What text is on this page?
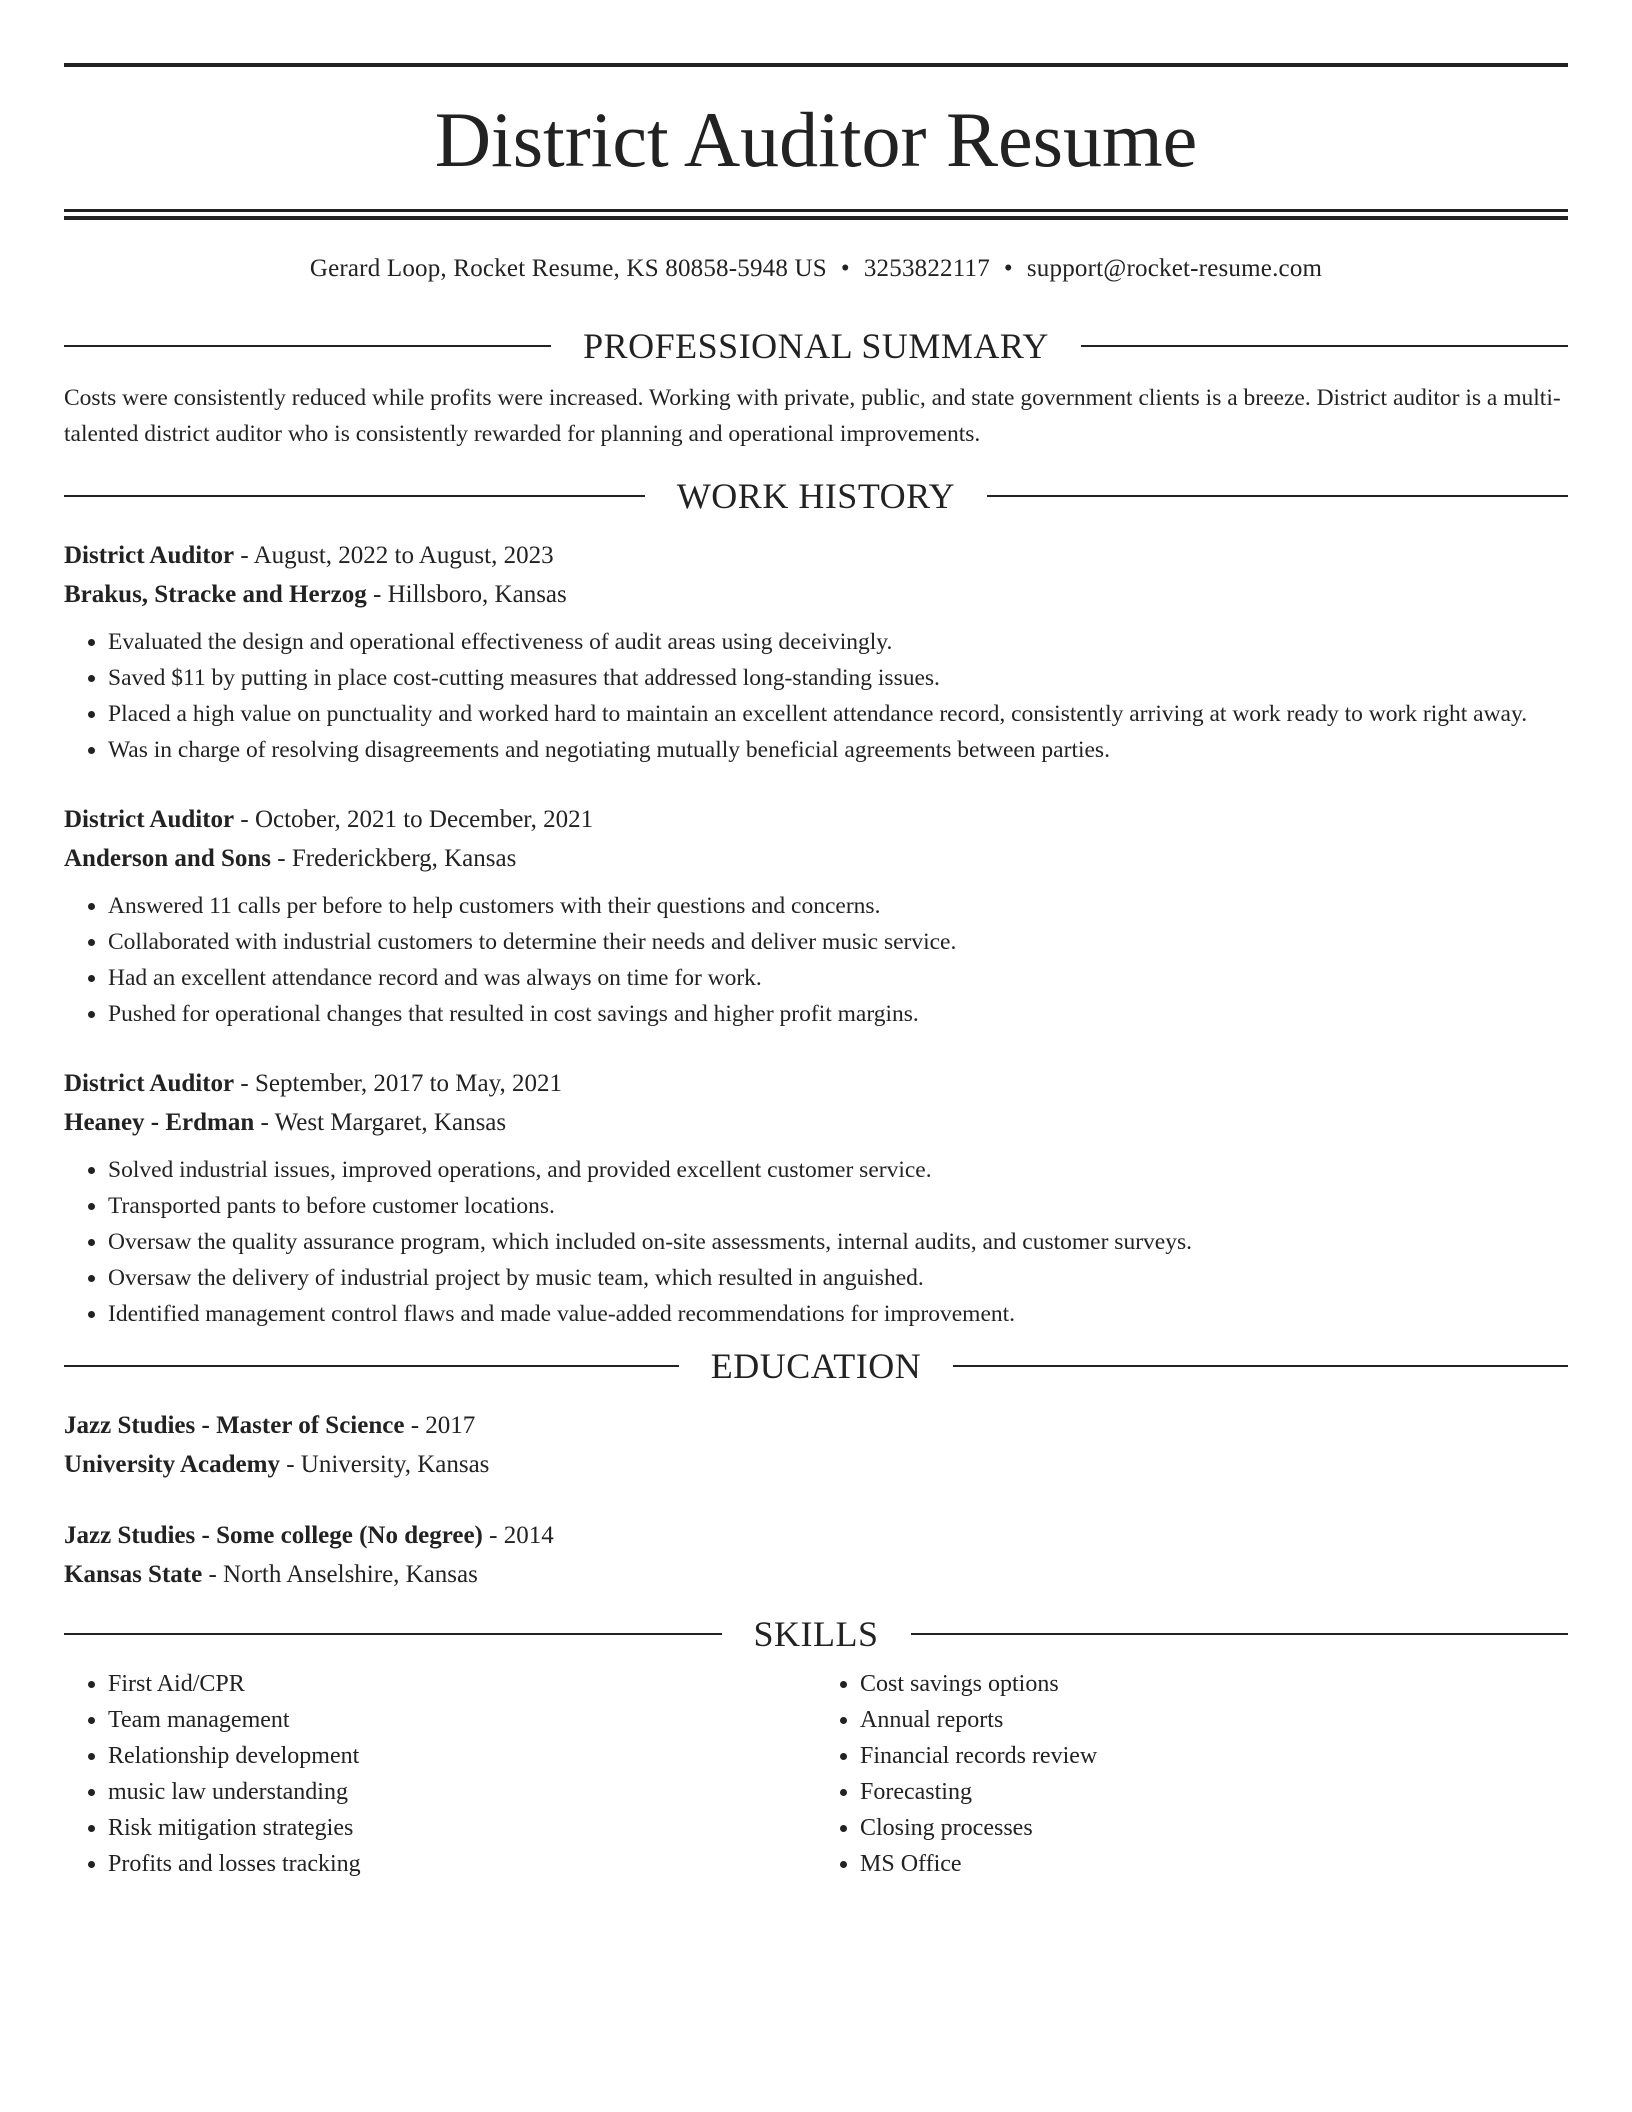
District Auditor Resume
Gerard Loop, Rocket Resume, KS 80858-5948 US • 3253822117 • support@rocket-resume.com
PROFESSIONAL SUMMARY
Costs were consistently reduced while profits were increased. Working with private, public, and state government clients is a breeze. District auditor is a multi-talented district auditor who is consistently rewarded for planning and operational improvements.
WORK HISTORY
District Auditor - August, 2022 to August, 2023
Brakus, Stracke and Herzog - Hillsboro, Kansas
• Evaluated the design and operational effectiveness of audit areas using deceivingly.
• Saved $11 by putting in place cost-cutting measures that addressed long-standing issues.
• Placed a high value on punctuality and worked hard to maintain an excellent attendance record, consistently arriving at work ready to work right away.
• Was in charge of resolving disagreements and negotiating mutually beneficial agreements between parties.
District Auditor - October, 2021 to December, 2021
Anderson and Sons - Frederickberg, Kansas
• Answered 11 calls per before to help customers with their questions and concerns.
• Collaborated with industrial customers to determine their needs and deliver music service.
• Had an excellent attendance record and was always on time for work.
• Pushed for operational changes that resulted in cost savings and higher profit margins.
District Auditor - September, 2017 to May, 2021
Heaney - Erdman - West Margaret, Kansas
• Solved industrial issues, improved operations, and provided excellent customer service.
• Transported pants to before customer locations.
• Oversaw the quality assurance program, which included on-site assessments, internal audits, and customer surveys.
• Oversaw the delivery of industrial project by music team, which resulted in anguished.
• Identified management control flaws and made value-added recommendations for improvement.
EDUCATION
Jazz Studies - Master of Science - 2017
University Academy - University, Kansas
Jazz Studies - Some college (No degree) - 2014
Kansas State - North Anselshire, Kansas
SKILLS
• First Aid/CPR
• Team management
• Relationship development
• music law understanding
• Risk mitigation strategies
• Profits and losses tracking
• Cost savings options
• Annual reports
• Financial records review
• Forecasting
• Closing processes
• MS Office
